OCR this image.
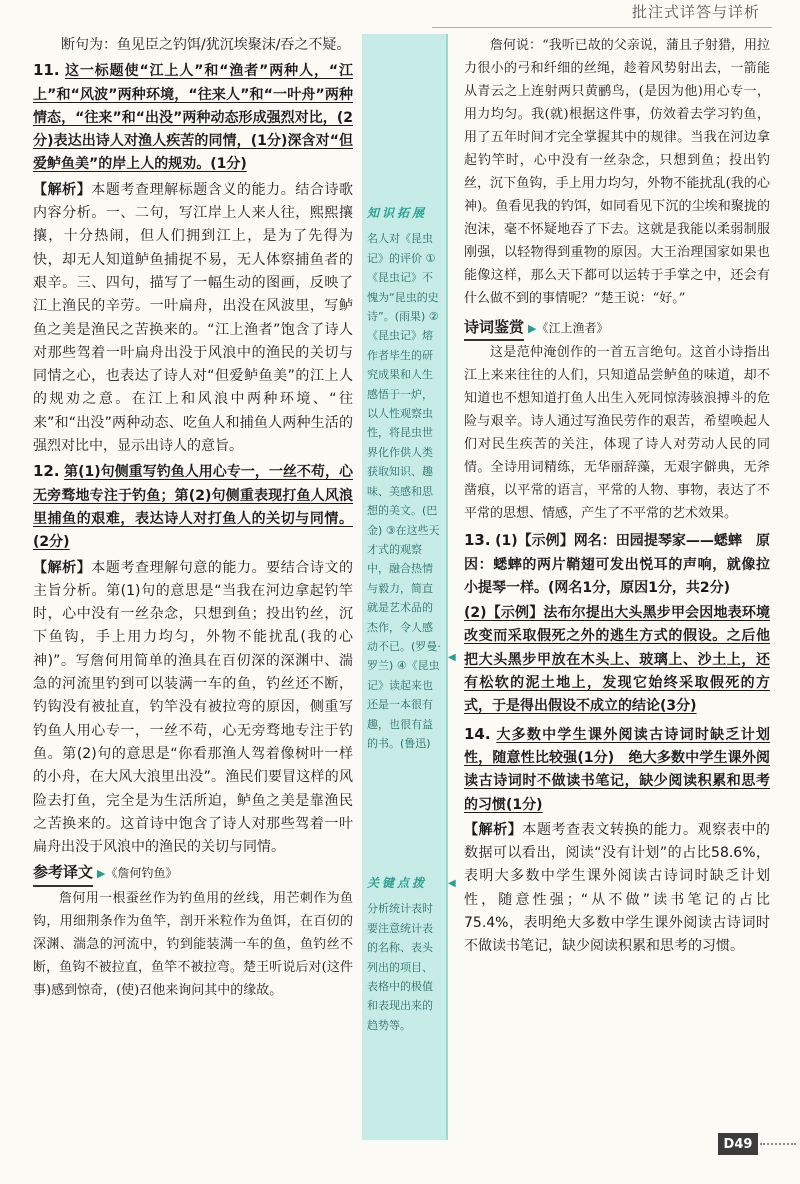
批注式详答与详析

断句为：鱼见臣之钓饵/犹沉埃聚沫/吞之不疑。

11. 这一标题使“江上人”和“渔者”两种人，“江上”和“风波”两种环境，“往来人”和“一叶舟”两种情态，“往来”和“出没”两种动态形成强烈对比，(2分)表达出诗人对渔人疾苦的同情，(1分)深含对“但爱鲈鱼美”的岸上人的规劝。(1分)

【解析】本题考查理解标题含义的能力。结合诗歌内容分析。一、二句，写江岸上人来人往，熙熙攘攘，十分热闹，但人们拥到江上，是为了先得为快，却无人知道鲈鱼捕捉不易，无人体察捕鱼者的艰辛。三、四句，描写了一幅生动的图画，反映了江上渔民的辛劳。一叶扁舟，出没在风波里，写鲈鱼之美是渔民之苦换来的。“江上渔者”饱含了诗人对那些驾着一叶扁舟出没于风浪中的渔民的关切与同情之心，也表达了诗人对“但爱鲈鱼美”的江上人的规劝之意。在江上和风浪中两种环境、“往来”和“出没”两种动态、吃鱼人和捕鱼人两种生活的强烈对比中，显示出诗人的意旨。

12. 第(1)句侧重写钓鱼人用心专一，一丝不苟，心无旁骛地专注于钓鱼；第(2)句侧重表现打鱼人风浪里捕鱼的艰难，表达诗人对打鱼人的关切与同情。(2分)

【解析】本题考查理解句意的能力。要结合诗文的主旨分析。第(1)句的意思是“当我在河边拿起钓竿时，心中没有一丝杂念，只想到鱼；投出钓丝，沉下鱼钩，手上用力均匀，外物不能扰乱(我的心神)”。写詹何用简单的渔具在百仞深的深渊中、湍急的河流里钓到可以装满一车的鱼，钓丝还不断，钓钩没有被扯直，钓竿没有被拉弯的原因，侧重写钓鱼人用心专一，一丝不苟，心无旁骛地专注于钓鱼。第(2)句的意思是“你看那渔人驾着像树叶一样的小舟，在大风大浪里出没”。渔民们要冒这样的风险去打鱼，完全是为生活所迫，鲈鱼之美是靠渔民之苦换来的。这首诗中饱含了诗人对那些驾着一叶扁舟出没于风浪中的渔民的关切与同情。

参考译文 ▶《詹何钓鱼》

詹何用一根蚕丝作为钓鱼用的丝线，用芒刺作为鱼钩，用细荆条作为鱼竿，剖开米粒作为鱼饵，在百仞的深渊、湍急的河流中，钓到能装满一车的鱼，鱼钓丝不断，鱼钩不被拉直，鱼竿不被拉弯。楚王听说后对(这件事)感到惊奇，(使)召他来询问其中的缘故。

知识拓展
名人对《昆虫记》的评价 ①《昆虫记》不愧为“昆虫的史诗”。(雨果) ②《昆虫记》熔作者毕生的研究成果和人生感悟于一炉，以人性观察虫性，将昆虫世界化作供人类获取知识、趣味、美感和思想的美文。(巴金) ③在这些天才式的观察中，融合热情与毅力，简直就是艺术品的杰作，令人感动不已。(罗曼·罗兰) ④《昆虫记》读起来也还是一本很有趣，也很有益的书。(鲁迅)
关键点拨
分析统计表时要注意统计表的名称、表头列出的项目、表格中的极值和表现出来的趋势等。
◀
◀

詹何说：“我听已故的父亲说，蒲且子射猎，用拉力很小的弓和纤细的丝绳，趁着风势射出去，一箭能从青云之上连射两只黄鹂鸟，(是因为他)用心专一，用力均匀。我(就)根据这件事，仿效着去学习钓鱼，用了五年时间才完全掌握其中的规律。当我在河边拿起钓竿时，心中没有一丝杂念，只想到鱼；投出钓丝，沉下鱼钩，手上用力均匀，外物不能扰乱(我的心神)。鱼看见我的钓饵，如同看见下沉的尘埃和聚拢的泡沫，毫不怀疑地吞了下去。这就是我能以柔弱制服刚强，以轻物得到重物的原因。大王治理国家如果也能像这样，那么天下都可以运转于手掌之中，还会有什么做不到的事情呢？”楚王说：“好。”

诗词鉴赏 ▶《江上渔者》

这是范仲淹创作的一首五言绝句。这首小诗指出江上来来往往的人们，只知道品尝鲈鱼的味道，却不知道也不想知道打鱼人出生入死同惊涛骇浪搏斗的危险与艰辛。诗人通过写渔民劳作的艰苦，希望唤起人们对民生疾苦的关注，体现了诗人对劳动人民的同情。全诗用词精练，无华丽辞藻，无艰字僻典，无斧凿痕，以平常的语言，平常的人物、事物，表达了不平常的思想、情感，产生了不平常的艺术效果。

13. (1)【示例】网名：田园提琴家——蟋蟀　原因：蟋蟀的两片鞘翅可发出悦耳的声响，就像拉小提琴一样。(网名1分，原因1分，共2分)

(2)【示例】法布尔提出大头黑步甲会因地表环境改变而采取假死之外的逃生方式的假设。之后他把大头黑步甲放在木头上、玻璃上、沙土上，还有松软的泥土地上，发现它始终采取假死的方式，于是得出假设不成立的结论(3分)

14. 大多数中学生课外阅读古诗词时缺乏计划性，随意性比较强(1分)　绝大多数中学生课外阅读古诗词时不做读书笔记，缺少阅读积累和思考的习惯(1分)

【解析】本题考查表文转换的能力。观察表中的数据可以看出，阅读“没有计划”的占比58.6%，表明大多数中学生课外阅读古诗词时缺乏计划性，随意性强；“从不做”读书笔记的占比75.4%，表明绝大多数中学生课外阅读古诗词时不做读书笔记，缺少阅读积累和思考的习惯。

D49
